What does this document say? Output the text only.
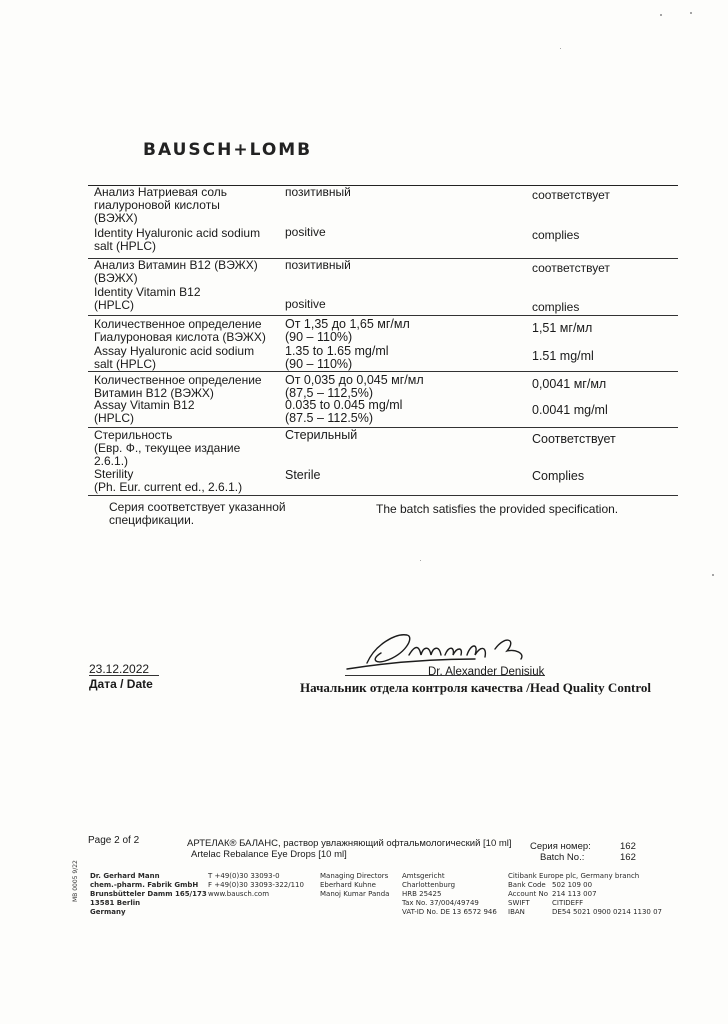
BAUSCH+LOMB
Анализ Натриевая соль
гиалуроновой кислоты
(ВЭЖХ)
Identity Hyaluronic acid sodium
salt (HPLC)
позитивный
positive
соответствует
complies
Анализ Витамин B12 (ВЭЖХ)
(ВЭЖХ)
Identity Vitamin B12
(HPLC)
позитивный
positive
соответствует
complies
Количественное определение
Гиалуроновая кислота (ВЭЖХ)
Assay Hyaluronic acid sodium
salt (HPLC)
От 1,35 до 1,65 мг/мл
(90 – 110%)
1.35 to 1.65 mg/ml
(90 – 110%)
1,51 мг/мл
1.51 mg/ml
Количественное определение
Витамин B12 (ВЭЖХ)
Assay Vitamin B12
(HPLC)
От 0,035 до 0,045 мг/мл
(87,5 – 112,5%)
0.035 to 0.045 mg/ml
(87.5 – 112.5%)
0,0041 мг/мл
0.0041 mg/ml
Стерильность
(Евр. Ф., текущее издание
2.6.1.)
Sterility
(Ph. Eur. current ed., 2.6.1.)
Стерильный
Sterile
Соответствует
Complies
Серия соответствует указанной
спецификации.
The batch satisfies the provided specification.
23.12.2022
Дата / Date
Dr. Alexander Denisiuk
Начальник отдела контроля качества /Head Quality Control
Page 2 of 2	АРТЕЛАК® БАЛАНС, раствор увлажняющий офтальмологический [10 ml]
Artelac Rebalance Eye Drops [10 ml]
Серия номер:
Batch No.:
162
162
MB 0005 9/22 Dr. Gerhard Mann
chem.-pharm. Fabrik GmbH
Brunsbütteler Damm 165/173
13581 Berlin
Germany
T +49(0)30 33093-0
F +49(0)30 33093-322/110
www.bausch.com
Managing Directors
Eberhard Kuhne
Manoj Kumar Panda
Amtsgericht
Charlottenburg
HRB 25425
Tax No. 37/004/49749
VAT-ID No. DE 13 6572 946
Citibank Europe plc, Germany branch
Bank Code
Account No
SWIFT
IBAN
502 109 00
214 113 007
CITIDEFF
DE54 5021 0900 0214 1130 07
